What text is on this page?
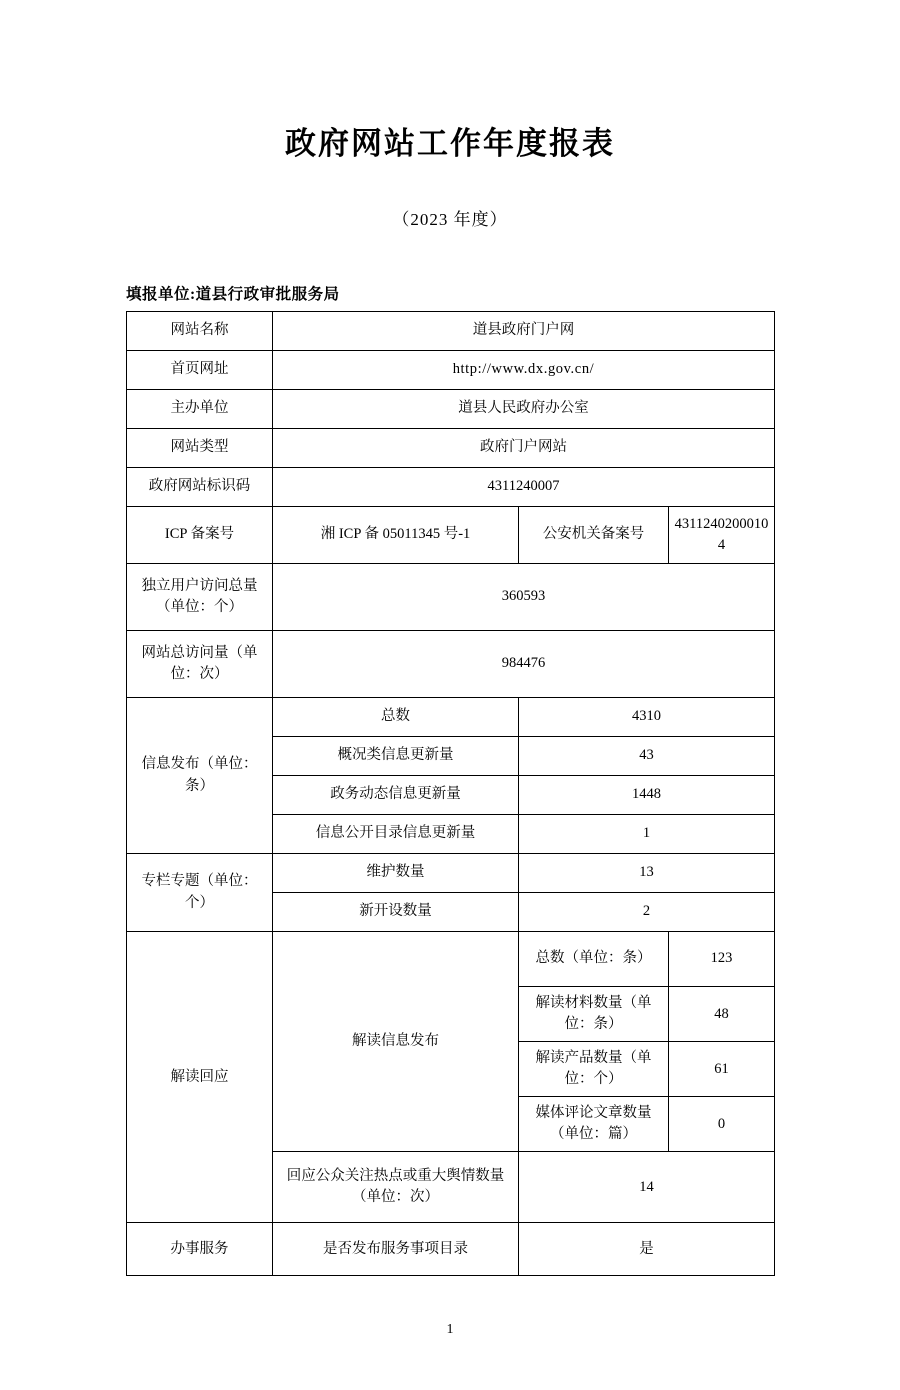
政府网站工作年度报表
（2023 年度）
填报单位:道县行政审批服务局
网站名称	道县政府门户网		
首页网址	http://www.dx.gov.cn/		
主办单位	道县人民政府办公室		
网站类型	政府门户网站		
政府网站标识码	4311240007		
ICP 备案号	湘 ICP 备 05011345 号-1	公安机关备案号	43112402000104
独立用户访问总量（单位：个）	360593		
网站总访问量（单位：次）	984476		
信息发布（单位：条）	总数	4310	
	概况类信息更新量	43	
	政务动态信息更新量	1448	
	信息公开目录信息更新量	1	
专栏专题（单位：个）	维护数量	13	
	新开设数量	2	
解读回应	解读信息发布	总数（单位：条）	123
		解读材料数量（单位：条）	48
		解读产品数量（单位：个）	61
		媒体评论文章数量（单位：篇）	0
	回应公众关注热点或重大舆情数量（单位：次）	14	
办事服务	是否发布服务事项目录	是	
1
